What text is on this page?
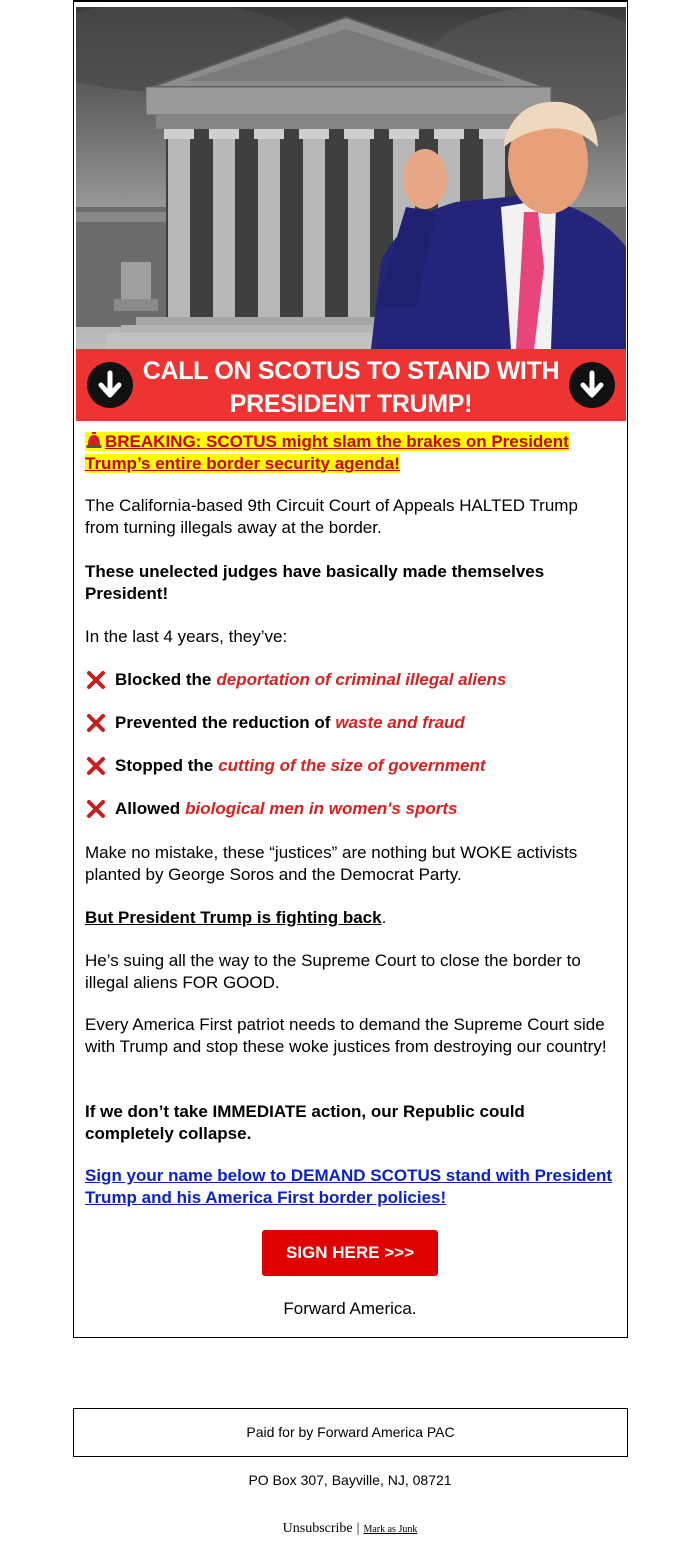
CALL ON SCOTUS TO STAND WITH PRESIDENT TRUMP!

BREAKING: SCOTUS might slam the brakes on President Trump’s entire border security agenda!

The California-based 9th Circuit Court of Appeals HALTED Trump from turning illegals away at the border.

These unelected judges have basically made themselves President!

In the last 4 years, they’ve:

Blocked the deportation of criminal illegal aliens

Prevented the reduction of waste and fraud

Stopped the cutting of the size of government

Allowed biological men in women's sports

Make no mistake, these “justices” are nothing but WOKE activists planted by George Soros and the Democrat Party.

But President Trump is fighting back.

He’s suing all the way to the Supreme Court to close the border to illegal aliens FOR GOOD.

Every America First patriot needs to demand the Supreme Court side with Trump and stop these woke justices from destroying our country!

If we don’t take IMMEDIATE action, our Republic could completely collapse.

Sign your name below to DEMAND SCOTUS stand with President Trump and his America First border policies!

SIGN HERE >>>
Forward America.
Paid for by Forward America PAC
PO Box 307, Bayville, NJ, 08721
Unsubscribe | Mark as Junk
